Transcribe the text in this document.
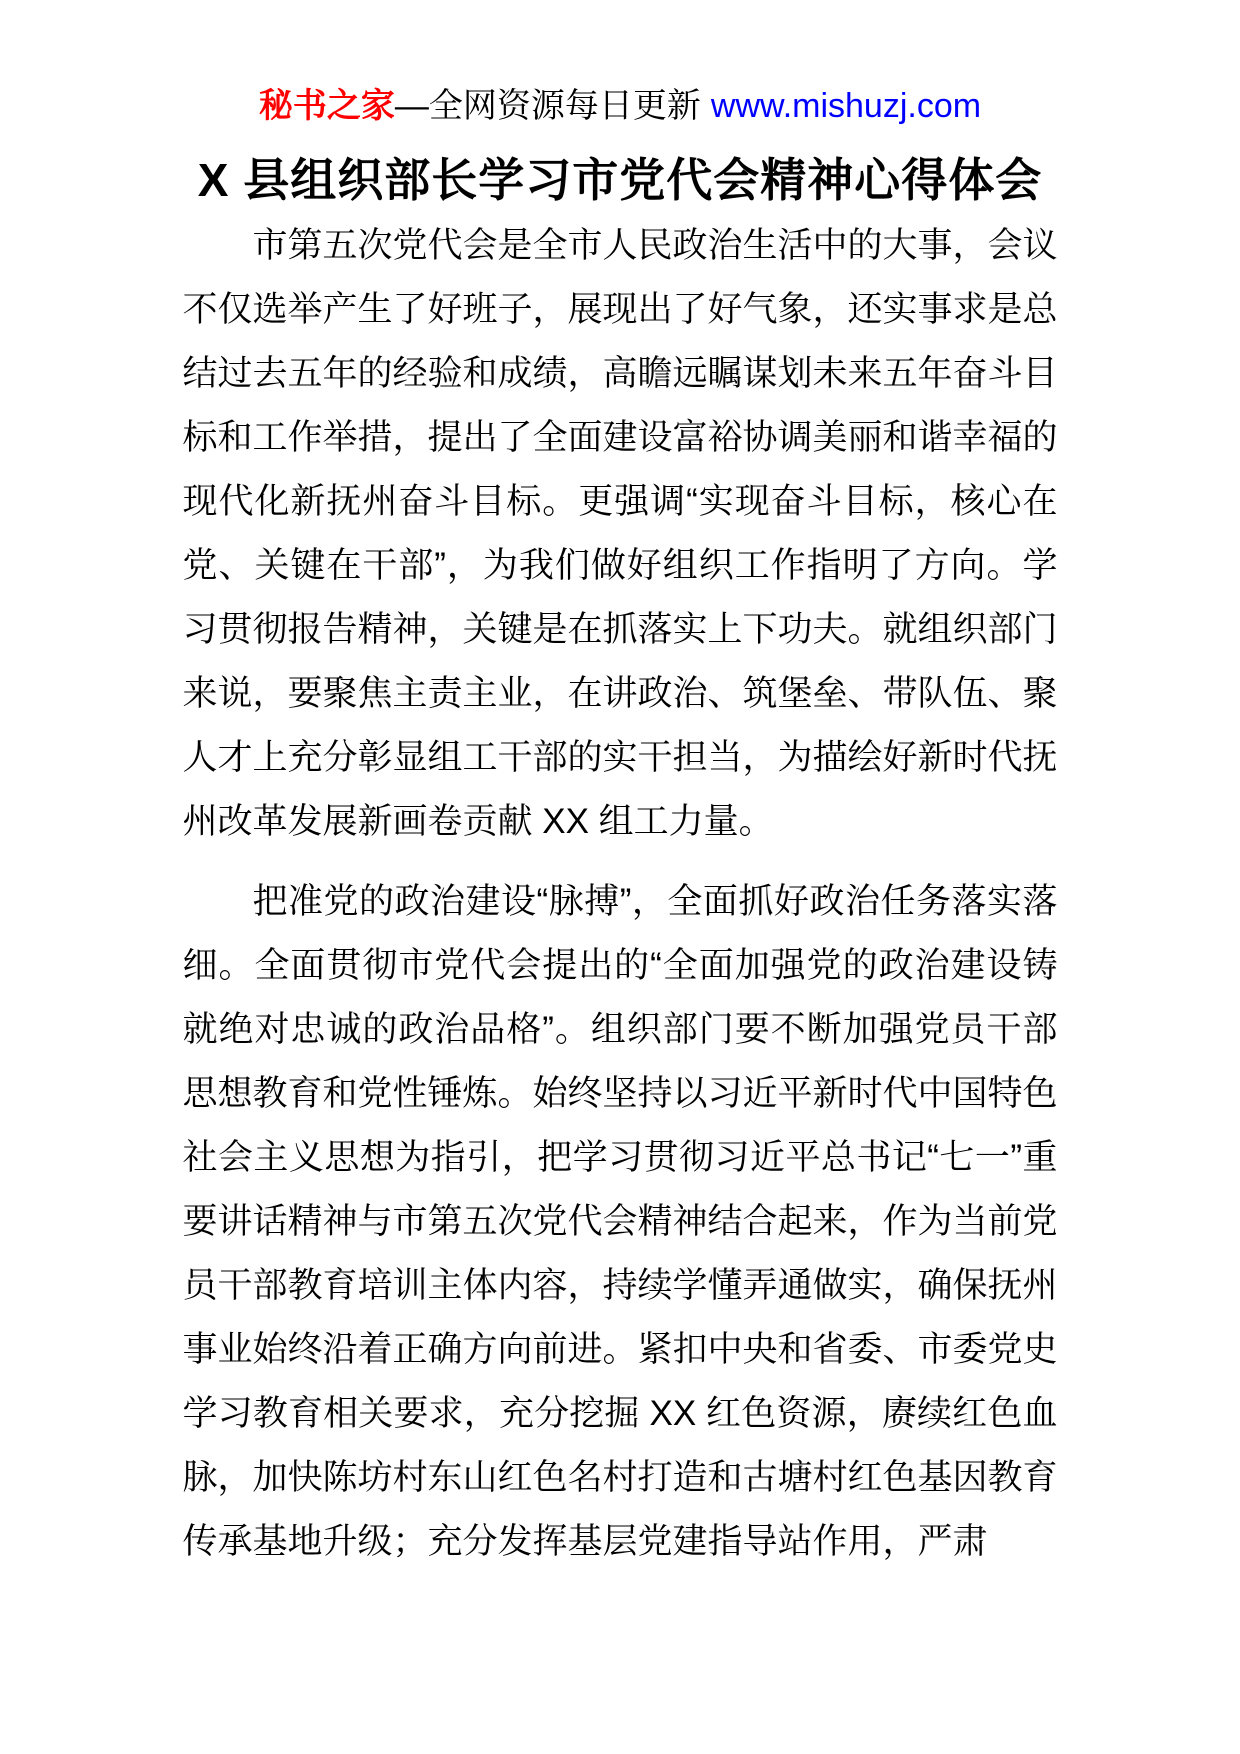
秘书之家—全网资源每日更新 www.mishuzj.com
X 县组织部长学习市党代会精神心得体会

市第五次党代会是全市人民政治生活中的大事，会议不仅选举产生了好班子，展现出了好气象，还实事求是总结过去五年的经验和成绩，高瞻远瞩谋划未来五年奋斗目标和工作举措，提出了全面建设富裕协调美丽和谐幸福的现代化新抚州奋斗目标。更强调“实现奋斗目标，核心在党、关键在干部”，为我们做好组织工作指明了方向。学习贯彻报告精神，关键是在抓落实上下功夫。就组织部门来说，要聚焦主责主业，在讲政治、筑堡垒、带队伍、聚人才上充分彰显组工干部的实干担当，为描绘好新时代抚州改革发展新画卷贡献 XX 组工力量。

把准党的政治建设“脉搏”，全面抓好政治任务落实落细。全面贯彻市党代会提出的“全面加强党的政治建设铸就绝对忠诚的政治品格”。组织部门要不断加强党员干部思想教育和党性锤炼。始终坚持以习近平新时代中国特色社会主义思想为指引，把学习贯彻习近平总书记“七一”重要讲话精神与市第五次党代会精神结合起来，作为当前党员干部教育培训主体内容，持续学懂弄通做实，确保抚州事业始终沿着正确方向前进。紧扣中央和省委、市委党史学习教育相关要求，充分挖掘 XX 红色资源，赓续红色血脉，加快陈坊村东山红色名村打造和古塘村红色基因教育传承基地升级；充分发挥基层党建指导站作用，严肃
